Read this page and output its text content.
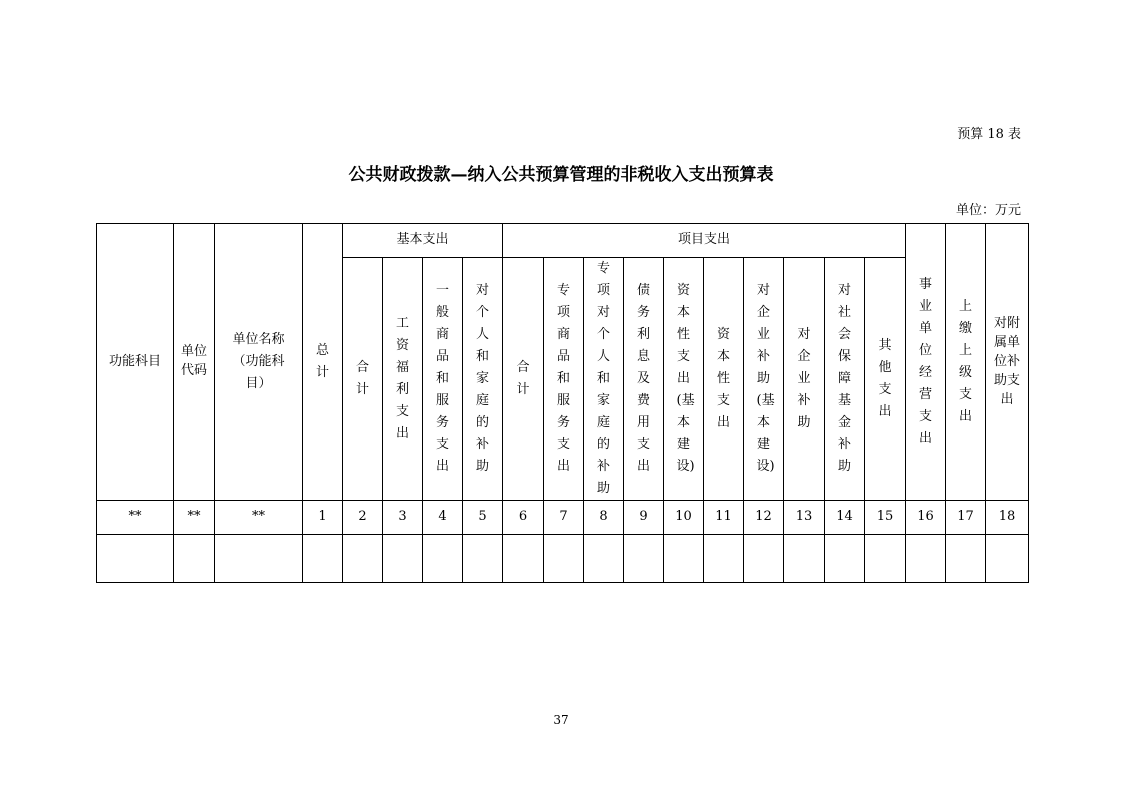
预算 18 表
公共财政拨款—纳入公共预算管理的非税收入支出预算表
单位：万元
功能科目	单位代码	单位名称（功能科目）	总计	基本支出				项目支出										事业单位经营支出	上缴上级支出	对附属单位补助支出
				合计	工资福利支出	一般商品和服务支出	对个人和家庭的补助	合计	专项商品和服务支出	专项对个人和家庭的补助	债务利息及费用支出	资本性支出(基本建设)	资本性支出	对企业补助(基本建设)	对企业补助	对社会保障基金补助	其他支出			
**	**	**	1	2	3	4	5	6	7	8	9	10	11	12	13	14	15	16	17	18

37
